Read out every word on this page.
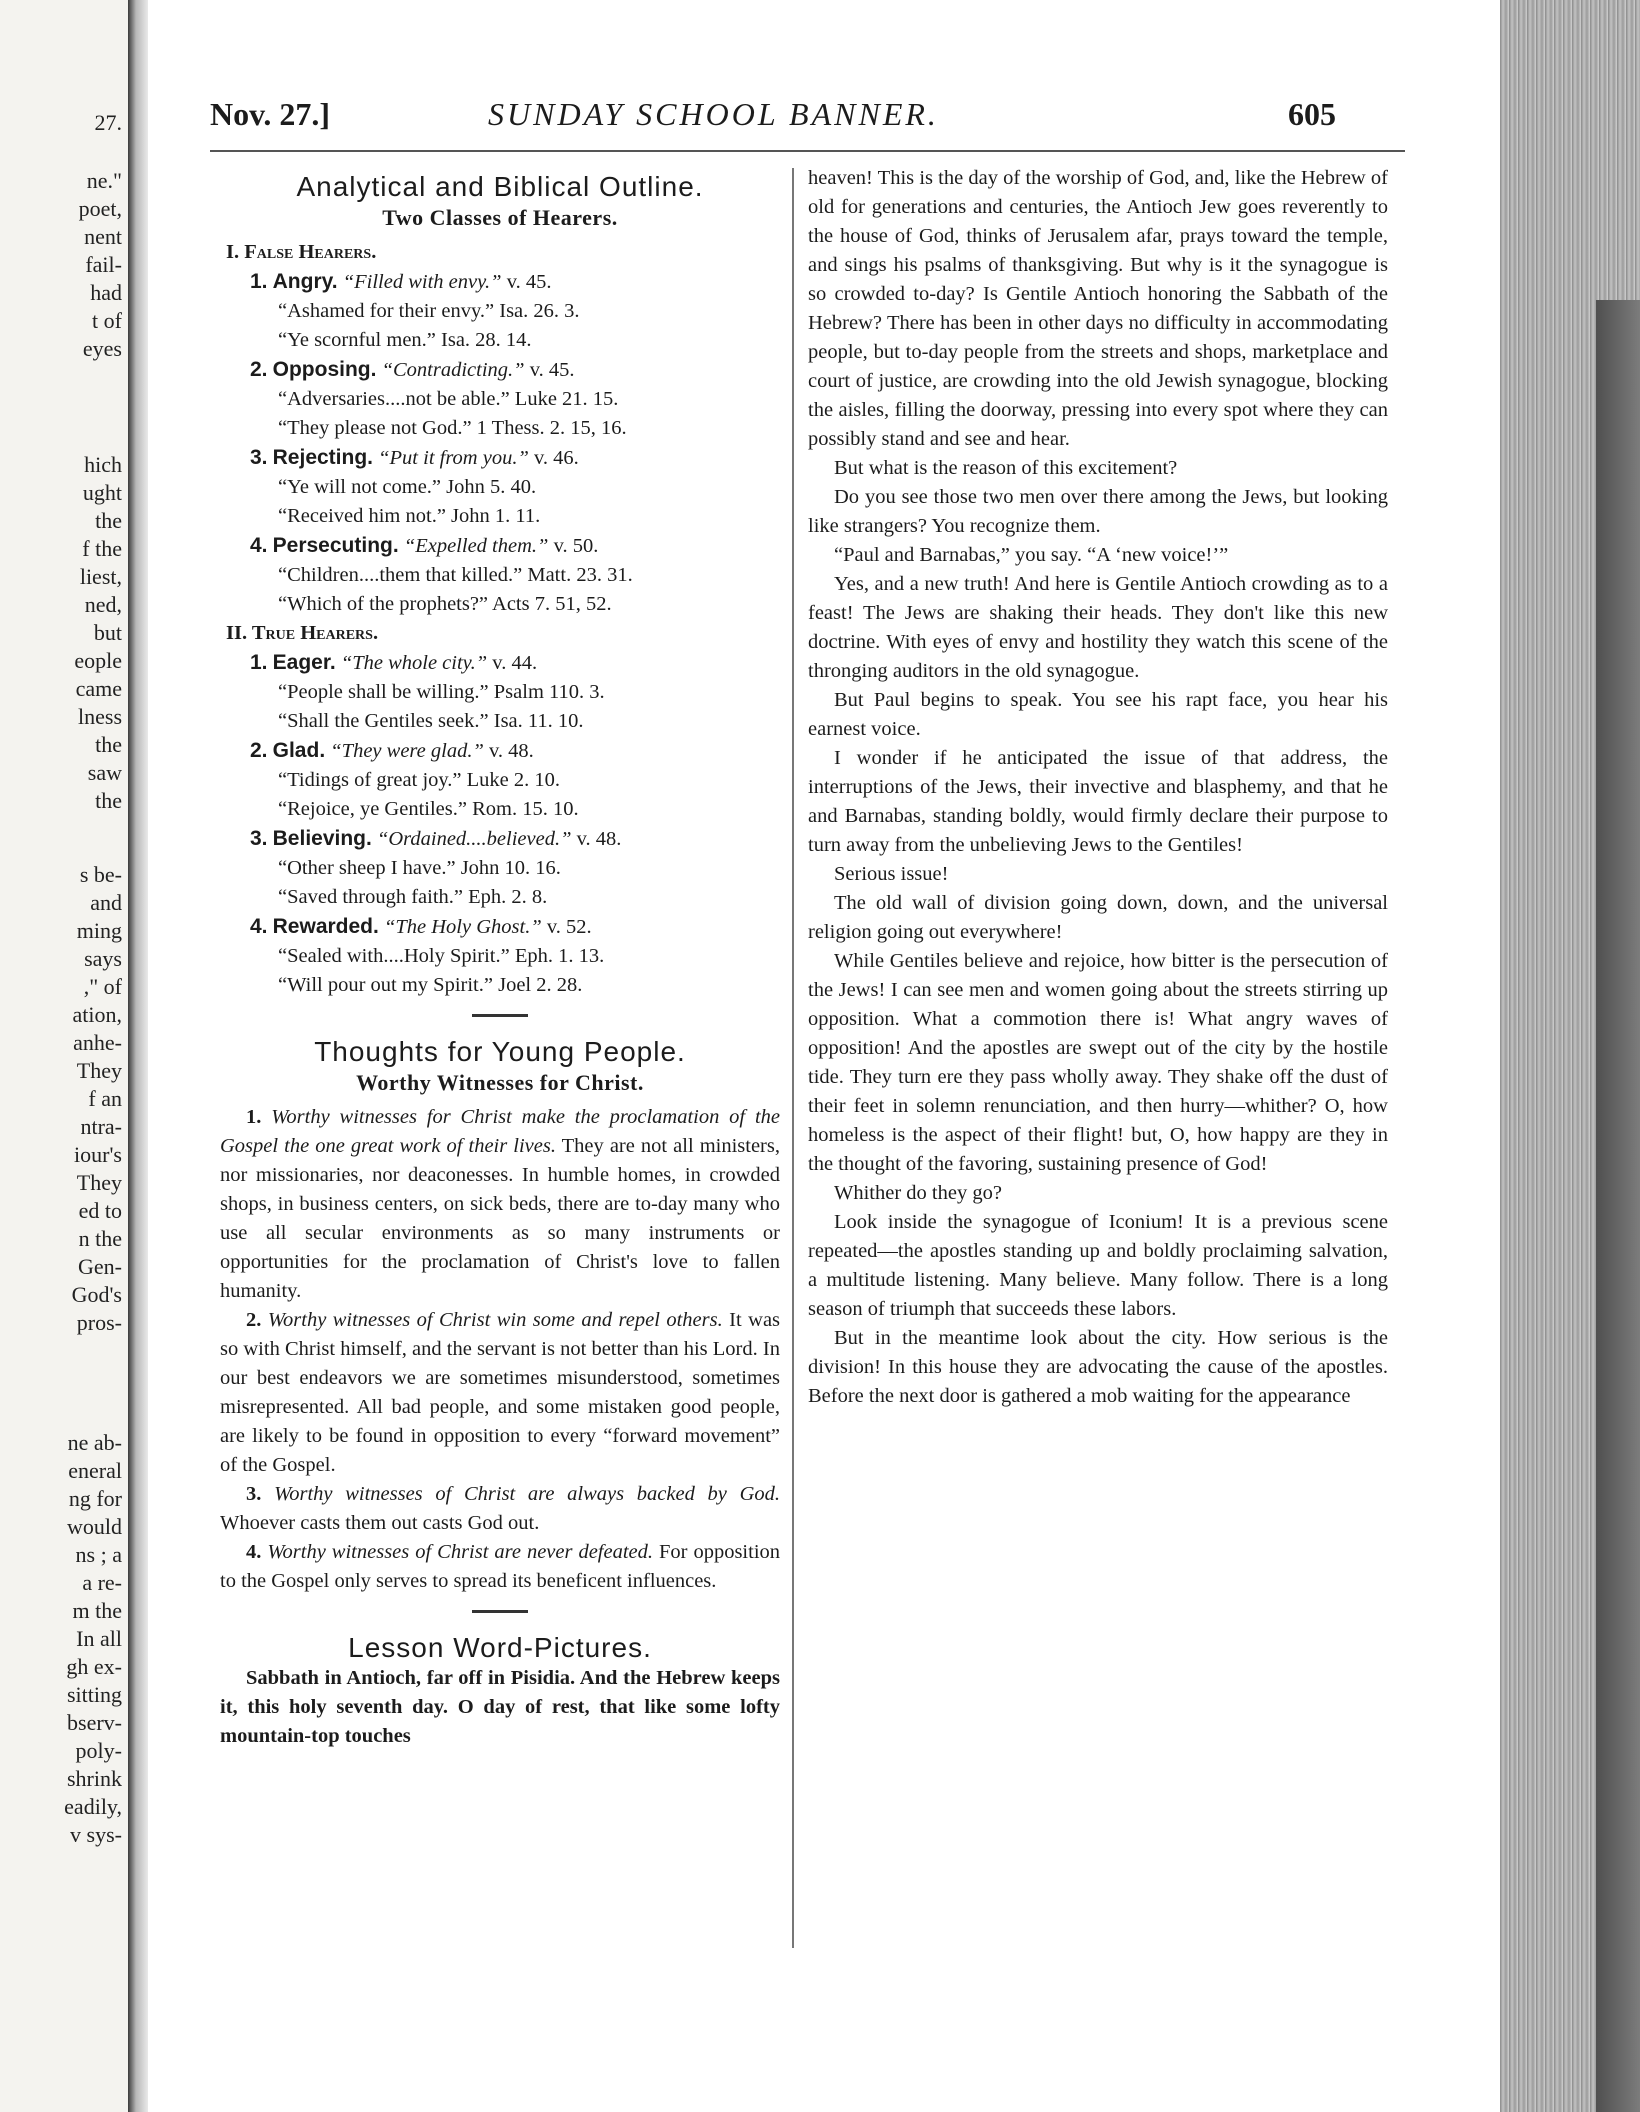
27.
ne."
poet,
nent
fail-
had
t of
eyes
hich
ught
the
f the
liest,
ned,
but
eople
came
lness
the
saw
the
s be-
and
ming
says
," of
ation,
anhe-
They
f an
ntra-
iour's
They
ed to
n the
Gen-
God's
pros-
ne ab-
eneral
ng for
would
ns ; a
a re-
m the
In all
gh ex-
sitting
bserv-
poly-
shrink
eadily,
v sys-
Nov. 27.]	SUNDAY SCHOOL BANNER.	605
Analytical and Biblical Outline.
Two Classes of Hearers.
I. False Hearers.
1. Angry. “Filled with envy.” v. 45.
“Ashamed for their envy.” Isa. 26. 3.
“Ye scornful men.” Isa. 28. 14.
2. Opposing. “Contradicting.” v. 45.
“Adversaries....not be able.” Luke 21. 15.
“They please not God.” 1 Thess. 2. 15, 16.
3. Rejecting. “Put it from you.” v. 46.
“Ye will not come.” John 5. 40.
“Received him not.” John 1. 11.
4. Persecuting. “Expelled them.” v. 50.
“Children....them that killed.” Matt. 23. 31.
“Which of the prophets?” Acts 7. 51, 52.
II. True Hearers.
1. Eager. “The whole city.” v. 44.
“People shall be willing.” Psalm 110. 3.
“Shall the Gentiles seek.” Isa. 11. 10.
2. Glad. “They were glad.” v. 48.
“Tidings of great joy.” Luke 2. 10.
“Rejoice, ye Gentiles.” Rom. 15. 10.
3. Believing. “Ordained....believed.” v. 48.
“Other sheep I have.” John 10. 16.
“Saved through faith.” Eph. 2. 8.
4. Rewarded. “The Holy Ghost.” v. 52.
“Sealed with....Holy Spirit.” Eph. 1. 13.
“Will pour out my Spirit.” Joel 2. 28.
Thoughts for Young People.
Worthy Witnesses for Christ.

1. Worthy witnesses for Christ make the proclamation of the Gospel the one great work of their lives. They are not all ministers, nor missionaries, nor deaconesses. In humble homes, in crowded shops, in business centers, on sick beds, there are to-day many who use all secular environments as so many instruments or opportunities for the proclamation of Christ's love to fallen humanity.

2. Worthy witnesses of Christ win some and repel others. It was so with Christ himself, and the servant is not better than his Lord. In our best endeavors we are sometimes misunderstood, sometimes misrepresented. All bad people, and some mistaken good people, are likely to be found in opposition to every “forward movement” of the Gospel.

3. Worthy witnesses of Christ are always backed by God. Whoever casts them out casts God out.

4. Worthy witnesses of Christ are never defeated. For opposition to the Gospel only serves to spread its beneficent influences.

Lesson Word-Pictures.

Sabbath in Antioch, far off in Pisidia. And the Hebrew keeps it, this holy seventh day. O day of rest, that like some lofty mountain-top touches

heaven! This is the day of the worship of God, and, like the Hebrew of old for generations and centuries, the Antioch Jew goes reverently to the house of God, thinks of Jerusalem afar, prays toward the temple, and sings his psalms of thanksgiving. But why is it the synagogue is so crowded to-day? Is Gentile Antioch honoring the Sabbath of the Hebrew? There has been in other days no difficulty in accommodating people, but to-day people from the streets and shops, marketplace and court of justice, are crowding into the old Jewish synagogue, blocking the aisles, filling the doorway, pressing into every spot where they can possibly stand and see and hear.

But what is the reason of this excitement?

Do you see those two men over there among the Jews, but looking like strangers? You recognize them.

“Paul and Barnabas,” you say. “A ‘new voice!’”

Yes, and a new truth! And here is Gentile Antioch crowding as to a feast! The Jews are shaking their heads. They don't like this new doctrine. With eyes of envy and hostility they watch this scene of the thronging auditors in the old synagogue.

But Paul begins to speak. You see his rapt face, you hear his earnest voice.

I wonder if he anticipated the issue of that address, the interruptions of the Jews, their invective and blasphemy, and that he and Barnabas, standing boldly, would firmly declare their purpose to turn away from the unbelieving Jews to the Gentiles!

Serious issue!

The old wall of division going down, down, and the universal religion going out everywhere!

While Gentiles believe and rejoice, how bitter is the persecution of the Jews! I can see men and women going about the streets stirring up opposition. What a commotion there is! What angry waves of opposition! And the apostles are swept out of the city by the hostile tide. They turn ere they pass wholly away. They shake off the dust of their feet in solemn renunciation, and then hurry—whither? O, how homeless is the aspect of their flight! but, O, how happy are they in the thought of the favoring, sustaining presence of God!

Whither do they go?

Look inside the synagogue of Iconium! It is a previous scene repeated—the apostles standing up and boldly proclaiming salvation, a multitude listening. Many believe. Many follow. There is a long season of triumph that succeeds these labors.

But in the meantime look about the city. How serious is the division! In this house they are advocating the cause of the apostles. Before the next door is gathered a mob waiting for the appearance
